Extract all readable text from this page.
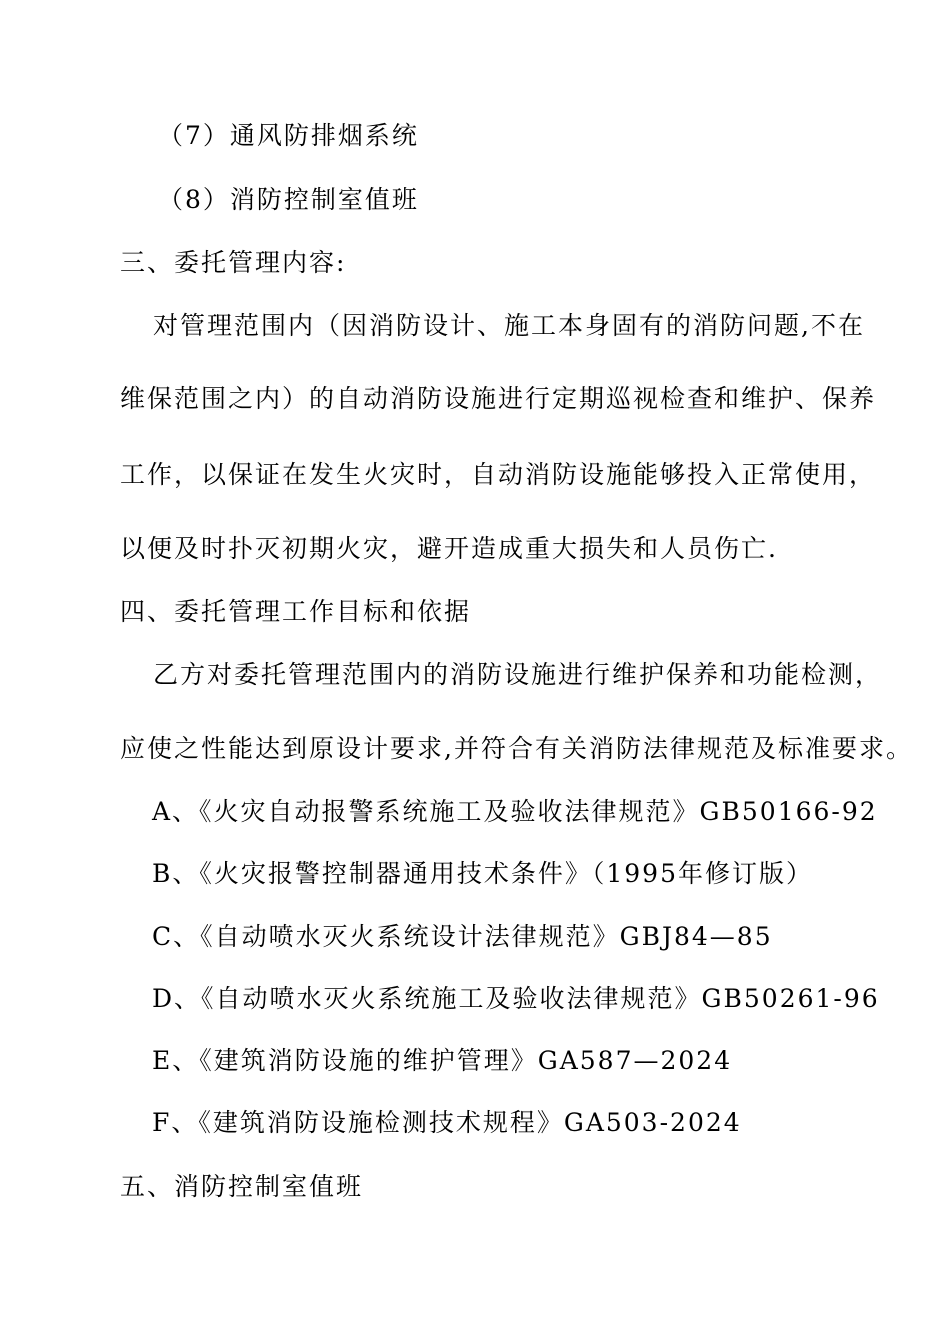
（7）通风防排烟系统
（8）消防控制室值班
三、委托管理内容:
对管理范围内（因消防设计、施工本身固有的消防问题,不在
维保范围之内）的自动消防设施进行定期巡视检查和维护、保养
工作，以保证在发生火灾时，自动消防设施能够投入正常使用，
以便及时扑灭初期火灾，避开造成重大损失和人员伤亡.
四、委托管理工作目标和依据
乙方对委托管理范围内的消防设施进行维护保养和功能检测，
应使之性能达到原设计要求,并符合有关消防法律规范及标准要求。
A、《火灾自动报警系统施工及验收法律规范》GB50166-92
B、《火灾报警控制器通用技术条件》（1995年修订版）
C、《自动喷水灭火系统设计法律规范》GBJ84—85
D、《自动喷水灭火系统施工及验收法律规范》GB50261-96
E、《建筑消防设施的维护管理》GA587—2024
F、《建筑消防设施检测技术规程》GA503-2024
五、消防控制室值班
